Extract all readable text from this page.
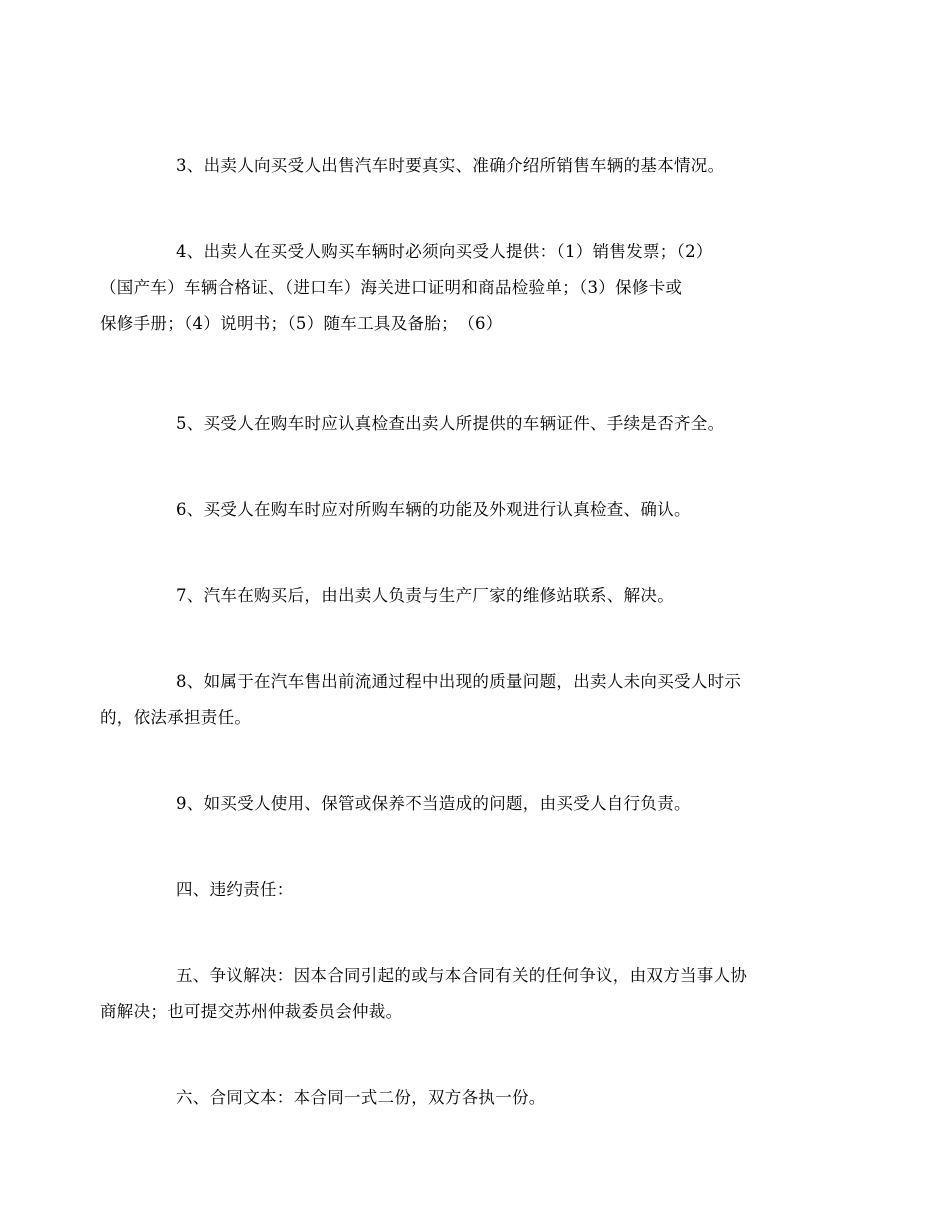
3、出卖人向买受人出售汽车时要真实、准确介绍所销售车辆的基本情况。

4、出卖人在买受人购买车辆时必须向买受人提供：（1）销售发票；（2）
（国产车）车辆合格证、（进口车）海关进口证明和商品检验单；（3）保修卡或
保修手册；（4）说明书；（5）随车工具及备胎；　（6）

5、买受人在购车时应认真检查出卖人所提供的车辆证件、手续是否齐全。

6、买受人在购车时应对所购车辆的功能及外观进行认真检查、确认。

7、汽车在购买后，由出卖人负责与生产厂家的维修站联系、解决。

8、如属于在汽车售出前流通过程中出现的质量问题，出卖人未向买受人时示
的，依法承担责任。

9、如买受人使用、保管或保养不当造成的问题，由买受人自行负责。

四、违约责任：

五、争议解决：因本合同引起的或与本合同有关的任何争议，由双方当事人协
商解决；也可提交苏州仲裁委员会仲裁。

六、合同文本：本合同一式二份，双方各执一份。
